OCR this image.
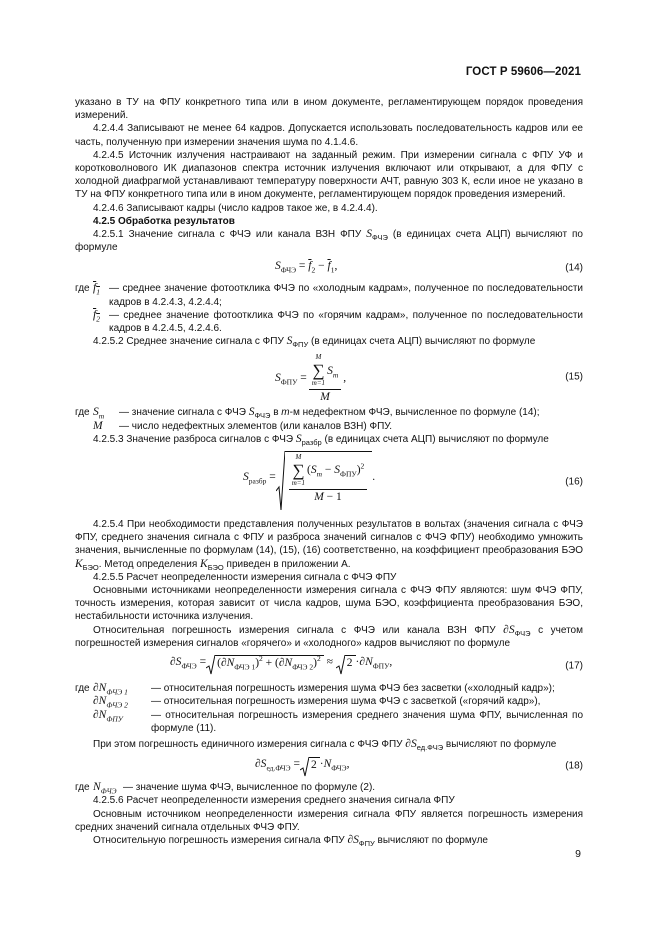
ГОСТ Р 59606—2021

указано в ТУ на ФПУ конкретного типа или в ином документе, регламентирующем порядок проведения измерений.

4.2.4.4 Записывают не менее 64 кадров. Допускается использовать последовательность кадров или ее часть, полученную при измерении значения шума по 4.1.4.6.

4.2.4.5 Источник излучения настраивают на заданный режим. При измерении сигнала с ФПУ УФ и коротковолнового ИК диапазонов спектра источник излучения включают или открывают, а для ФПУ с холодной диафрагмой устанавливают температуру поверхности АЧТ, равную 303 К, если иное не указано в ТУ на ФПУ конкретного типа или в ином документе, регламентирующем порядок проведения измерений.

4.2.4.6 Записывают кадры (число кадров такое же, в 4.2.4.4).

4.2.5 Обработка результатов

4.2.5.1 Значение сигнала с ФЧЭ или канала ВЗН ФПУ $S_{ФЧЭ}$ (в единицах счета АЦП) вычисляют по формуле

$S_{ФЧЭ} = \overline{f}_2 - \overline{f}_1$,	(14)
где $f_1$ — среднее значение фотоотклика ФЧЭ по «холодным кадрам», полученное по последовательности кадров в 4.2.4.3, 4.2.4.4;
$f_2$ — среднее значение фотоотклика ФЧЭ по «горячим кадрам», полученное по последовательности кадров в 4.2.4.5, 4.2.4.6.

4.2.5.2 Среднее значение сигнала с ФПУ $S_{ФПУ}$ (в единицах счета АЦП) вычисляют по формуле

$S_{ФПУ} = M$
∑
m=1
$S_m$
M ,	(15)
где $S_m$	— значение сигнала с ФЧЭ $S_{ФЧЭ}$ в m-м недефектном ФЧЭ, вычисленное по формуле (14);
M	— число недефектных элементов (или каналов ВЗН) ФПУ.

4.2.5.3 Значение разброса сигналов с ФЧЭ $S_{разбр}$ (в единицах счета АЦП) вычисляют по формуле

$S_{разбр} = M$
∑
m=1
$(S_m - S_{ФПУ})^2$
M − 1 .	(16)

4.2.5.4 При необходимости представления полученных результатов в вольтах (значения сигнала с ФЧЭ ФПУ, среднего значения сигнала с ФПУ и разброса значений сигналов с ФЧЭ ФПУ) необходимо умножить значения, вычисленные по формулам (14), (15), (16) соответственно, на коэффициент преобразования БЭО $K_{БЭО}$. Метод определения $K_{БЭО}$ приведен в приложении А.

4.2.5.5 Расчет неопределенности измерения сигнала с ФЧЭ ФПУ

Основными источниками неопределенности измерения сигнала с ФЧЭ ФПУ являются: шум ФЧЭ ФПУ, точность измерения, которая зависит от числа кадров, шума БЭО, коэффициента преобразования БЭО, нестабильности источника излучения.

Относительная погрешность измерения сигнала с ФЧЭ или канала ВЗН ФПУ $\partial S_{ФЧЭ}$ с учетом погрешностей измерения сигналов «горячего» и «холодного» кадров вычисляют по формуле

$\partial S_{ФЧЭ} = (\partial N_{ФЧЭ 1})^2 + (\partial N_{ФЧЭ 2})^2 \approx 2 \cdot\partial N_{ФПУ}$,	(17)
где $\partial N_{ФЧЭ 1}$	— относительная погрешность измерения шума ФЧЭ без засветки («холодный кадр»);
$\partial N_{ФЧЭ 2}$	— относительная погрешность измерения шума ФЧЭ с засветкой («горячий кадр»),
$\partial N_{ФПУ}$	— относительная погрешность измерения среднего значения шума ФПУ, вычисленная по формуле (11).

При этом погрешность единичного измерения сигнала с ФЧЭ ФПУ $\partial S_{ед.ФЧЭ}$ вычисляют по формуле

$\partial S_{ед.ФЧЭ} = 2 \cdot N_{ФЧЭ}$,	(18)
где $N_{ФЧЭ}$ — значение шума ФЧЭ, вычисленное по формуле (2).

4.2.5.6 Расчет неопределенности измерения среднего значения сигнала ФПУ

Основным источником неопределенности измерения сигнала ФПУ является погрешность измерения средних значений сигнала отдельных ФЧЭ ФПУ.

Относительную погрешность измерения сигнала ФПУ $\partial S_{ФПУ}$ вычисляют по формуле

9
